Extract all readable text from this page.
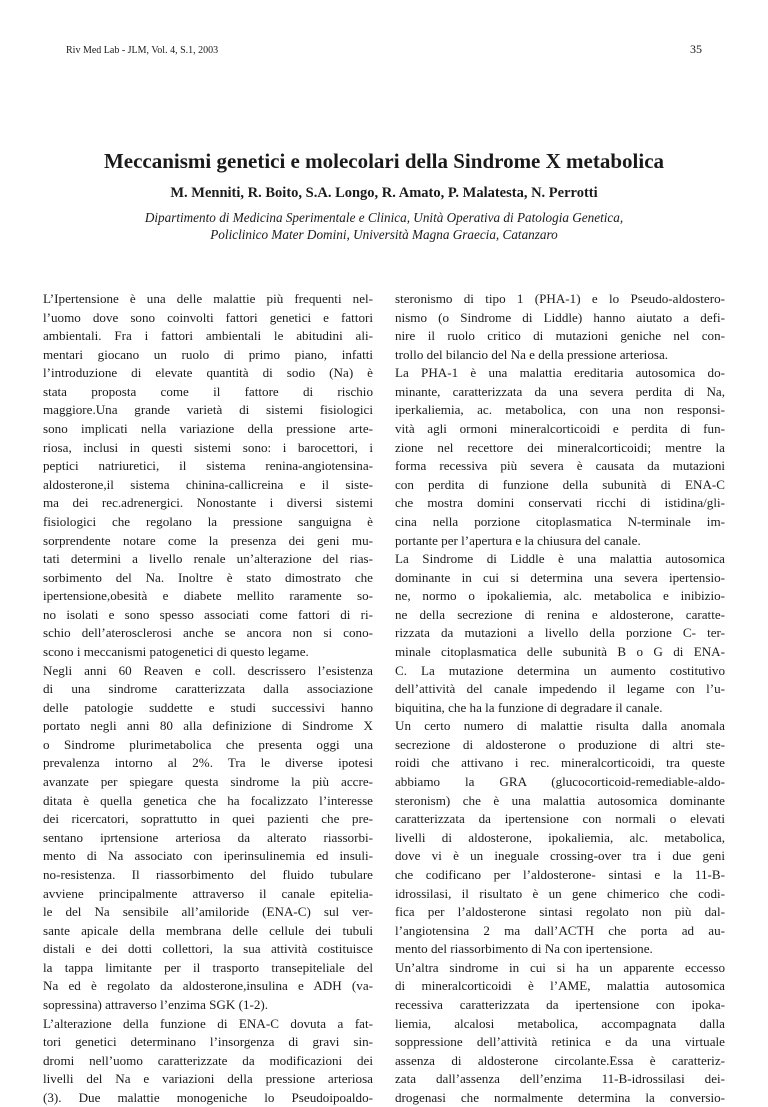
Riv Med Lab - JLM, Vol. 4, S.1, 2003	35
Meccanismi genetici e molecolari della Sindrome X metabolica
M. Menniti, R. Boito, S.A. Longo, R. Amato, P. Malatesta, N. Perrotti
Dipartimento di Medicina Sperimentale e Clinica, Unità Operativa di Patologia Genetica,
Policlinico Mater Domini, Università Magna Graecia, Catanzaro
L’Ipertensione è una delle malattie più frequenti nel-
l’uomo dove sono coinvolti fattori genetici e fattori
ambientali. Fra i fattori ambientali le abitudini ali-
mentari giocano un ruolo di primo piano, infatti
l’introduzione di elevate quantità di sodio (Na) è
stata proposta come il fattore di rischio
maggiore.Una grande varietà di sistemi fisiologici
sono implicati nella variazione della pressione arte-
riosa, inclusi in questi sistemi sono: i barocettori, i
peptici natriuretici, il sistema renina-angiotensina-
aldosterone,il sistema chinina-callicreina e il siste-
ma dei rec.adrenergici. Nonostante i diversi sistemi
fisiologici che regolano la pressione sanguigna è
sorprendente notare come la presenza dei geni mu-
tati determini a livello renale un’alterazione del rias-
sorbimento del Na. Inoltre è stato dimostrato che
ipertensione,obesità e diabete mellito raramente so-
no isolati e sono spesso associati come fattori di ri-
schio dell’aterosclerosi anche se ancora non si cono-
scono i meccanismi patogenetici di questo legame.
Negli anni 60 Reaven e coll. descrissero l’esistenza
di una sindrome caratterizzata dalla associazione
delle patologie suddette e studi successivi hanno
portato negli anni 80 alla definizione di Sindrome X
o Sindrome plurimetabolica che presenta oggi una
prevalenza intorno al 2%. Tra le diverse ipotesi
avanzate per spiegare questa sindrome la più accre-
ditata è quella genetica che ha focalizzato l’interesse
dei ricercatori, soprattutto in quei pazienti che pre-
sentano iprtensione arteriosa da alterato riassorbi-
mento di Na associato con iperinsulinemia ed insuli-
no-resistenza. Il riassorbimento del fluido tubulare
avviene principalmente attraverso il canale epitelia-
le del Na sensibile all’amiloride (ENA-C) sul ver-
sante apicale della membrana delle cellule dei tubuli
distali e dei dotti collettori, la sua attività costituisce
la tappa limitante per il trasporto transepiteliale del
Na ed è regolato da aldosterone,insulina e ADH (va-
sopressina) attraverso l’enzima SGK (1-2).
L’alterazione della funzione di ENA-C dovuta a fat-
tori genetici determinano l’insorgenza di gravi sin-
dromi nell’uomo caratterizzate da modificazioni dei
livelli del Na e variazioni della pressione arteriosa
(3). Due malattie monogeniche lo Pseudoipoaldo-
steronismo di tipo 1 (PHA-1) e lo Pseudo-aldostero-
nismo (o Sindrome di Liddle) hanno aiutato a defi-
nire il ruolo critico di mutazioni geniche nel con-
trollo del bilancio del Na e della pressione arteriosa.
La PHA-1 è una malattia ereditaria autosomica do-
minante, caratterizzata da una severa perdita di Na,
iperkaliemia, ac. metabolica, con una non responsi-
vità agli ormoni mineralcorticoidi e perdita di fun-
zione nel recettore dei mineralcorticoidi; mentre la
forma recessiva più severa è causata da mutazioni
con perdita di funzione della subunità di ENA-C
che mostra domini conservati ricchi di istidina/gli-
cina nella porzione citoplasmatica N-terminale im-
portante per l’apertura e la chiusura del canale.
La Sindrome di Liddle è una malattia autosomica
dominante in cui si determina una severa ipertensio-
ne, normo o ipokaliemia, alc. metabolica e inibizio-
ne della secrezione di renina e aldosterone, caratte-
rizzata da mutazioni a livello della porzione C- ter-
minale citoplasmatica delle subunità B o G di ENA-
C. La mutazione determina un aumento costitutivo
dell’attività del canale impedendo il legame con l’u-
biquitina, che ha la funzione di degradare il canale.
Un certo numero di malattie risulta dalla anomala
secrezione di aldosterone o produzione di altri ste-
roidi che attivano i rec. mineralcorticoidi, tra queste
abbiamo la GRA (glucocorticoid-remediable-aldo-
steronism) che è una malattia autosomica dominante
caratterizzata da ipertensione con normali o elevati
livelli di aldosterone, ipokaliemia, alc. metabolica,
dove vi è un ineguale crossing-over tra i due geni
che codificano per l’aldosterone- sintasi e la 11-B-
idrossilasi, il risultato è un gene chimerico che codi-
fica per l’aldosterone sintasi regolato non più dal-
l’angiotensina 2 ma dall’ACTH che porta ad au-
mento del riassorbimento di Na con ipertensione.
Un’altra sindrome in cui si ha un apparente eccesso
di mineralcorticoidi è l’AME, malattia autosomica
recessiva caratterizzata da ipertensione con ipoka-
liemia, alcalosi metabolica, accompagnata dalla
soppressione dell’attività retinica e da una virtuale
assenza di aldosterone circolante.Essa è caratteriz-
zata dall’assenza dell’enzima 11-B-idrossilasi dei-
drogenasi che normalmente determina la conversio-
